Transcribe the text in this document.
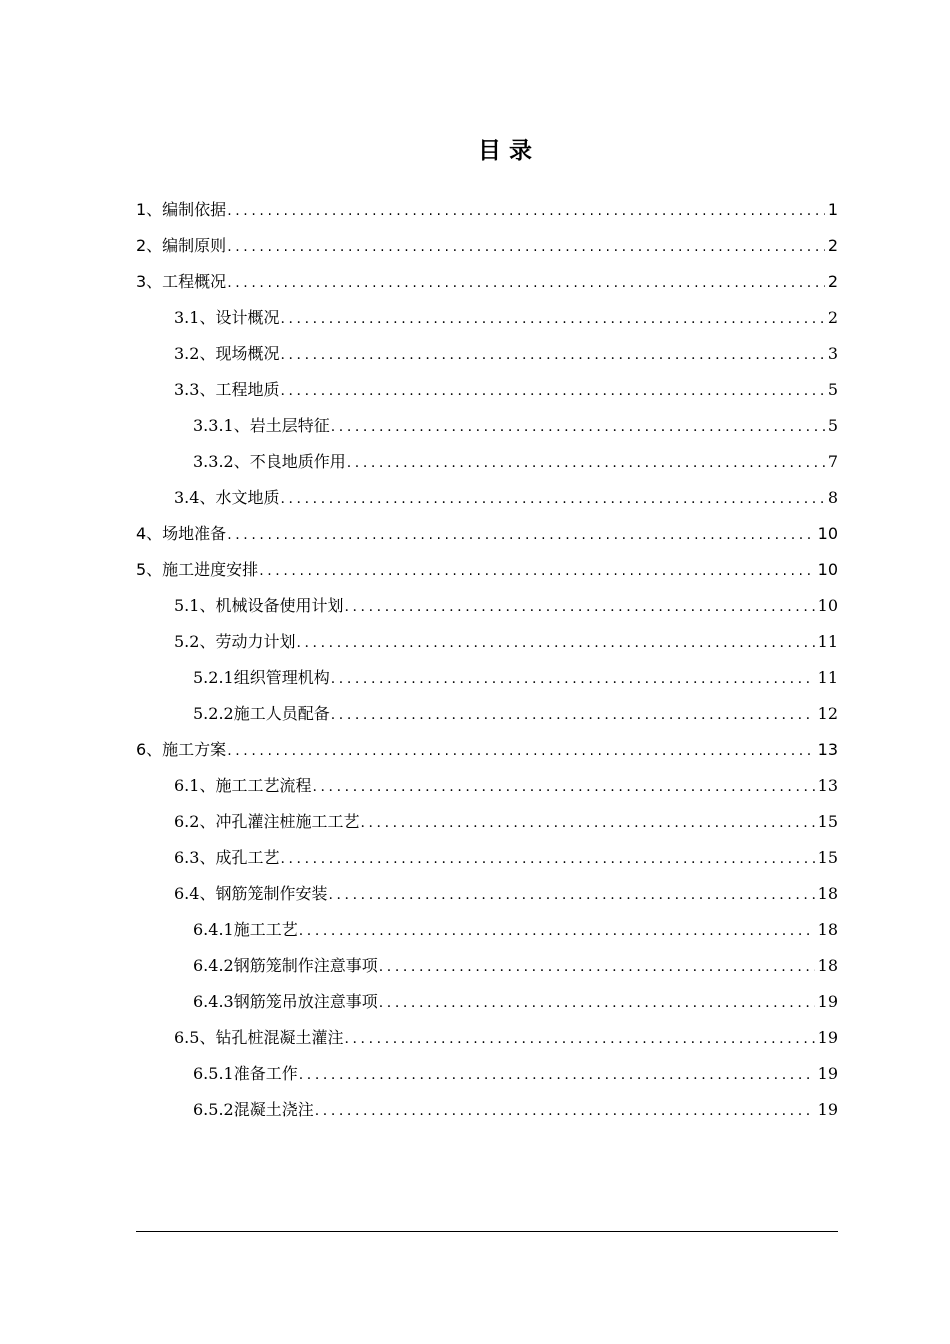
目 录
1、编制依据 .....	1
2、编制原则 .....	2
3、工程概况 .....	2
3.1、设计概况 .....	2
3.2、现场概况 .....	3
3.3、工程地质 .....	5
3.3.1、岩土层特征 .....	5
3.3.2、不良地质作用 .....	7
3.4、水文地质 .....	8
4、场地准备 .....	10
5、施工进度安排 .....	10
5.1、机械设备使用计划 .....	10
5.2、劳动力计划 .....	11
5.2.1组织管理机构 .....	11
5.2.2施工人员配备 .....	12
6、施工方案 .....	13
6.1、施工工艺流程 .....	13
6.2、冲孔灌注桩施工工艺 .....	15
6.3、成孔工艺 .....	15
6.4、钢筋笼制作安装 .....	18
6.4.1施工工艺 .....	18
6.4.2钢筋笼制作注意事项 .....	18
6.4.3钢筋笼吊放注意事项 .....	19
6.5、钻孔桩混凝土灌注 .....	19
6.5.1准备工作 .....	19
6.5.2混凝土浇注 .....	19
